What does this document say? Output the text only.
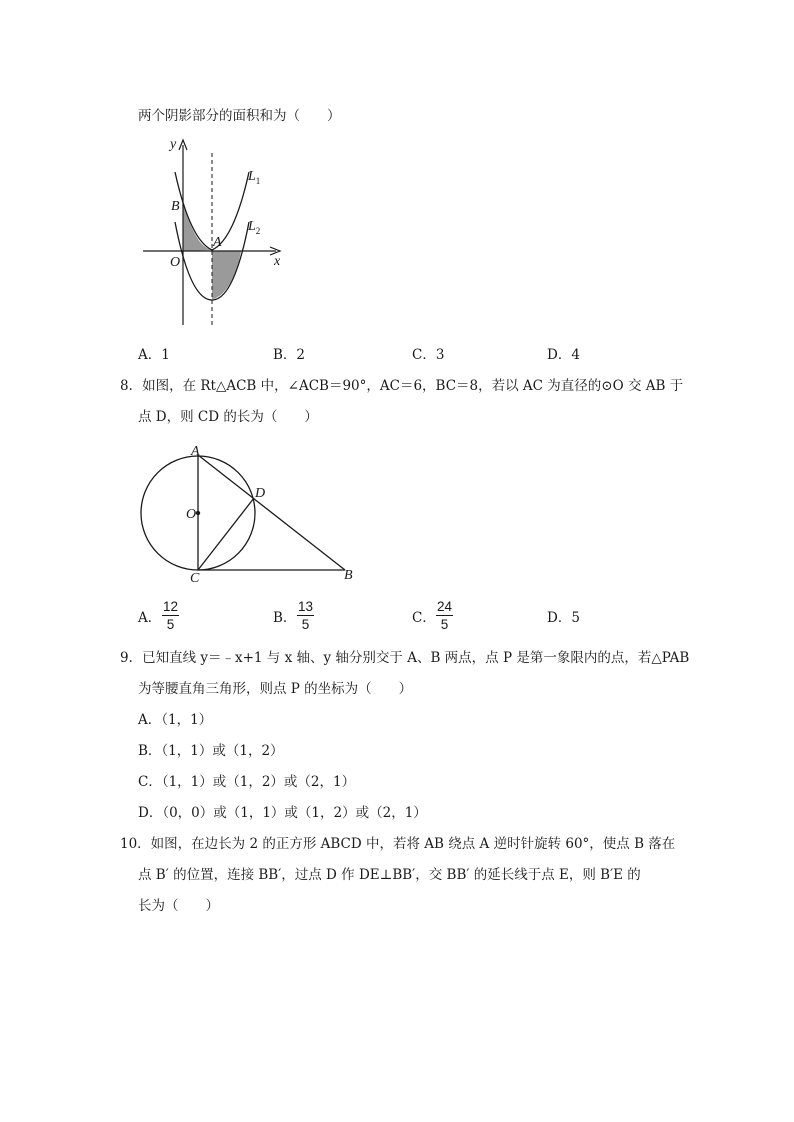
两个阴影部分的面积和为（　　）
y
x
O
B
A
$L_1$
$L_2$
A．1	B．2	C．3	D．4
8．如图，在 Rt△ACB 中，∠ACB＝90°，AC＝6，BC＝8，若以 AC 为直径的⊙O 交 AB 于
点 D，则 CD 的长为（　　）
A
D
O
C	B
A． $\frac{12}{5}$	B． $\frac{13}{5}$	C． $\frac{24}{5}$	D．5
9．已知直线 y＝﹣x+1 与 x 轴、y 轴分别交于 A、B 两点，点 P 是第一象限内的点，若△PAB
为等腰直角三角形，则点 P 的坐标为（　　）
A．（1，1）
B．（1，1）或（1，2）
C．（1，1）或（1，2）或（2，1）
D．（0，0）或（1，1）或（1，2）或（2，1）
10．如图，在边长为 2 的正方形 ABCD 中，若将 AB 绕点 A 逆时针旋转 60°，使点 B 落在
点 B′ 的位置，连接 BB′，过点 D 作 DE⊥BB′，交 BB′ 的延长线于点 E，则 B′E 的
长为（　　）
